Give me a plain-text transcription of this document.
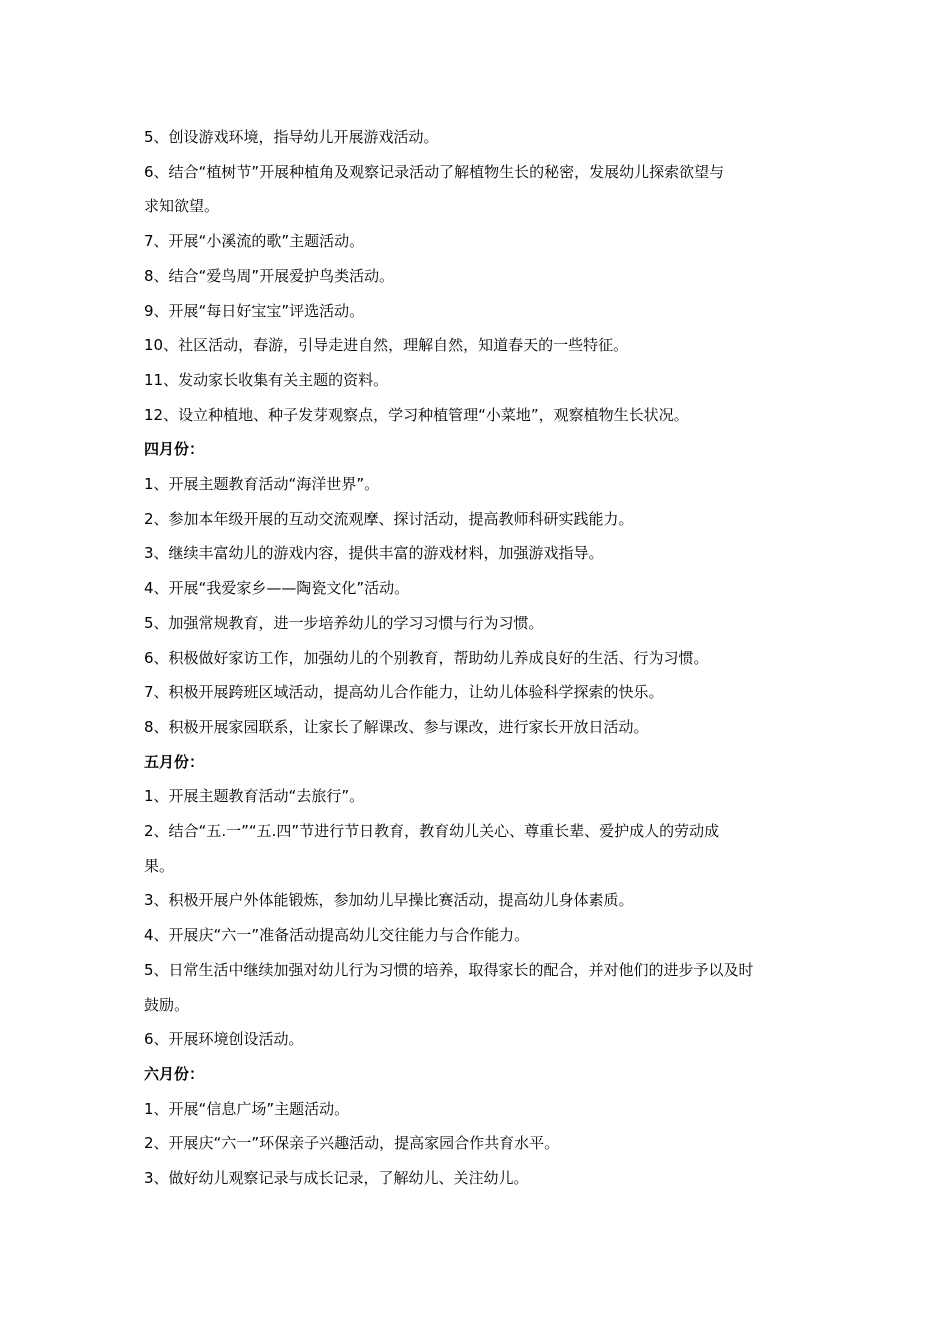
5、创设游戏环境，指导幼儿开展游戏活动。

6、结合“植树节”开展种植角及观察记录活动了解植物生长的秘密，发展幼儿探索欲望与

求知欲望。

7、开展“小溪流的歌”主题活动。

8、结合“爱鸟周”开展爱护鸟类活动。

9、开展“每日好宝宝”评选活动。

10、社区活动，春游，引导走进自然，理解自然，知道春天的一些特征。

11、发动家长收集有关主题的资料。

12、设立种植地、种子发芽观察点，学习种植管理“小菜地”，观察植物生长状况。

四月份：

1、开展主题教育活动“海洋世界”。

2、参加本年级开展的互动交流观摩、探讨活动，提高教师科研实践能力。

3、继续丰富幼儿的游戏内容，提供丰富的游戏材料，加强游戏指导。

4、开展“我爱家乡——陶瓷文化”活动。

5、加强常规教育，进一步培养幼儿的学习习惯与行为习惯。

6、积极做好家访工作，加强幼儿的个别教育，帮助幼儿养成良好的生活、行为习惯。

7、积极开展跨班区域活动，提高幼儿合作能力，让幼儿体验科学探索的快乐。

8、积极开展家园联系，让家长了解课改、参与课改，进行家长开放日活动。

五月份：

1、开展主题教育活动“去旅行”。

2、结合“五.一”“五.四”节进行节日教育，教育幼儿关心、尊重长辈、爱护成人的劳动成

果。

3、积极开展户外体能锻炼，参加幼儿早操比赛活动，提高幼儿身体素质。

4、开展庆“六一”准备活动提高幼儿交往能力与合作能力。

5、日常生活中继续加强对幼儿行为习惯的培养，取得家长的配合，并对他们的进步予以及时

鼓励。

6、开展环境创设活动。

六月份：

1、开展“信息广场”主题活动。

2、开展庆“六一”环保亲子兴趣活动，提高家园合作共育水平。

3、做好幼儿观察记录与成长记录，了解幼儿、关注幼儿。
